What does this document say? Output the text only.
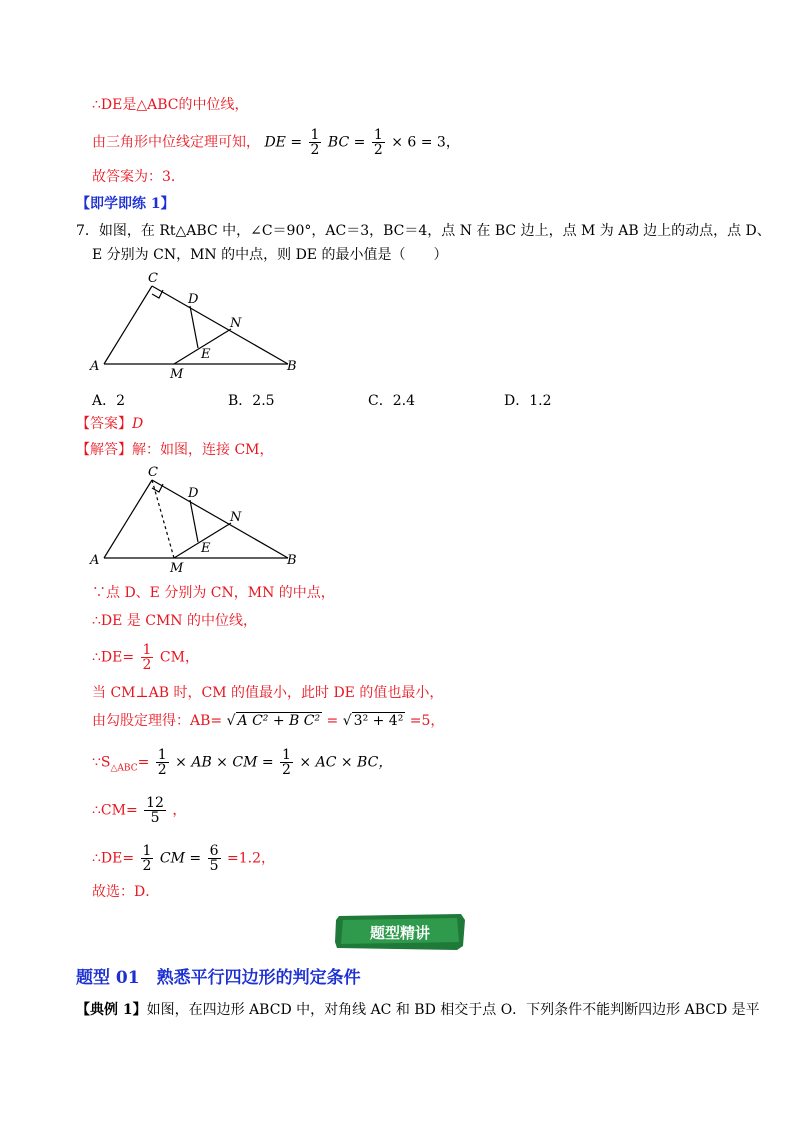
∴DE是△ABC的中位线，
由三角形中位线定理可知， DE = $\frac{1}{2}$ BC = $\frac{1}{2} \times 6 = 3$，
故答案为：3．
【即学即练 1】
7．如图，在 Rt△ABC 中，∠C＝90°，AC＝3，BC＝4，点 N 在 BC 边上，点 M 为 AB 边上的动点，点 D、
E 分别为 CN，MN 的中点，则 DE 的最小值是（　　）
C
D
N
E
A
M
B
A．2	B．2.5	C．2.4	D．1.2
【答案】D
【解答】解：如图，连接 CM，
C
D
N
E
A
M
B
∵点 D、E 分别为 CN，MN 的中点，
∴DE 是 CMN 的中位线，
∴DE= $\frac{1}{2}$ CM，
当 CM⊥AB 时，CM 的值最小，此时 DE 的值也最小，
由勾股定理得：AB= √ A C² + B C² = √ 3² + 4² =5，
$\because S_{\triangle ABC}= \frac{1}{2}$ × AB × CM = $\frac{1}{2}$ × AC × BC，
∴CM= $\frac{12}{5}$ ，
∴DE= $\frac{1}{2}$ CM = $\frac{6}{5} =1.2$，
故选：D．
题型精讲
题型 01　熟悉平行四边形的判定条件
【典例 1】如图，在四边形 ABCD 中，对角线 AC 和 BD 相交于点 O．下列条件不能判断四边形 ABCD 是平
